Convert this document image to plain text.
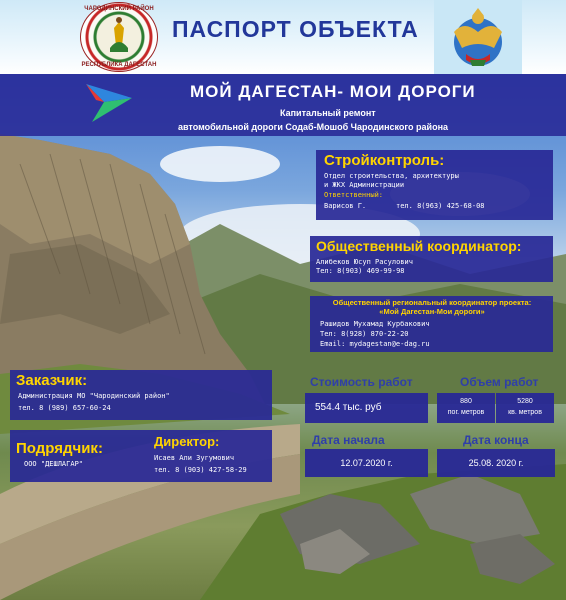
ЧАРОДИНСКИЙ РАЙОН
РЕСПУБЛИКА ДАГЕСТАН
ПАСПОРТ ОБЪЕКТА
МОЙ ДАГЕСТАН- МОИ ДОРОГИ
Капитальный ремонт
автомобильной дороги Содаб-Мошоб Чародинского района
Стройконтроль:
Отдел строительства, архитектуры
и ЖКХ Администрации
Ответственный:
Варисов Г.	тел. 8(963) 425-68-08
Общественный координатор:
Алибеков Юсуп Расулович
Тел: 8(903) 469-99-98
Общественный региональный координатор проекта:
«Мой Дагестан-Мои дороги»
Рашидов Мухамад Курбакович
Тел: 8(928) 870-22-20
Email: mydagestan@e-dag.ru
Заказчик:
Администрация МО "Чародинский район"
тел. 8 (989) 657-60-24
Подрядчик:
ООО "ДЕШЛАГАР"
Директор:
Исаев Али Зугумович
тел. 8 (903) 427-58-29
Стоимость работ	Объем работ
554.4 тыс. руб
880
пог. метров
5280
кв. метров
Дата начала	Дата конца
12.07.2020 г.	25.08. 2020 г.
